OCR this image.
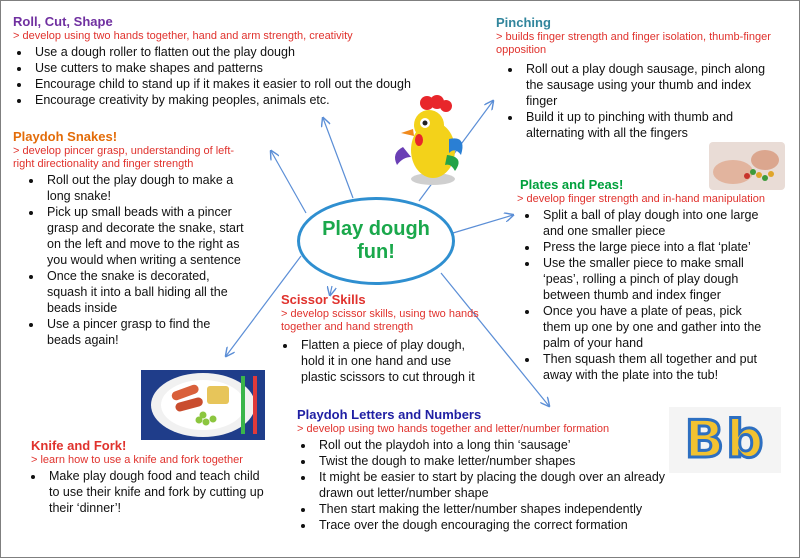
Roll, Cut, Shape
> develop using two hands together, hand and arm strength, creativity
• Use a dough roller to flatten out the play dough
• Use cutters to make shapes and patterns
• Encourage child to stand up if it makes it easier to roll out the dough
• Encourage creativity by making peoples, animals etc.
Playdoh Snakes!
> develop pincer grasp, understanding of left-
right directionality and finger strength
• Roll out the play dough to make a
long snake!
• Pick up small beads with a pincer
grasp and decorate the snake, start
on the left and move to the right as
you would when writing a sentence
• Once the snake is decorated,
squash it into a ball hiding all the
beads inside
• Use a pincer grasp to find the
beads again!
Pinching
> builds finger strength and finger isolation, thumb-finger
opposition
• Roll out a play dough sausage, pinch along
the sausage using your thumb and index
finger
• Build it up to pinching with thumb and
alternating with all the fingers
Plates and Peas!
> develop finger strength and in-hand manipulation
• Split a ball of play dough into one large
and one smaller piece
• Press the large piece into a flat ‘plate’
• Use the smaller piece to make small
‘peas’, rolling a pinch of play dough
between thumb and index finger
• Once you have a plate of peas, pick
them up one by one and gather into the
palm of your hand
• Then squash them all together and put
away with the plate into the tub!
Scissor Skills
> develop scissor skills, using two hands
together and hand strength
• Flatten a piece of play dough,
hold it in one hand and use
plastic scissors to cut through it
Knife and Fork!
> learn how to use a knife and fork together
• Make play dough food and teach child
to use their knife and fork by cutting up
their ‘dinner’!
Playdoh Letters and Numbers
> develop using two hands together and letter/number formation
• Roll out the playdoh into a long thin ‘sausage’
• Twist the dough to make letter/number shapes
• It might be easier to start by placing the dough over an already
drawn out letter/number shape
• Then start making the letter/number shapes independently
• Trace over the dough encouraging the correct formation
Play dough
fun!
Bb
